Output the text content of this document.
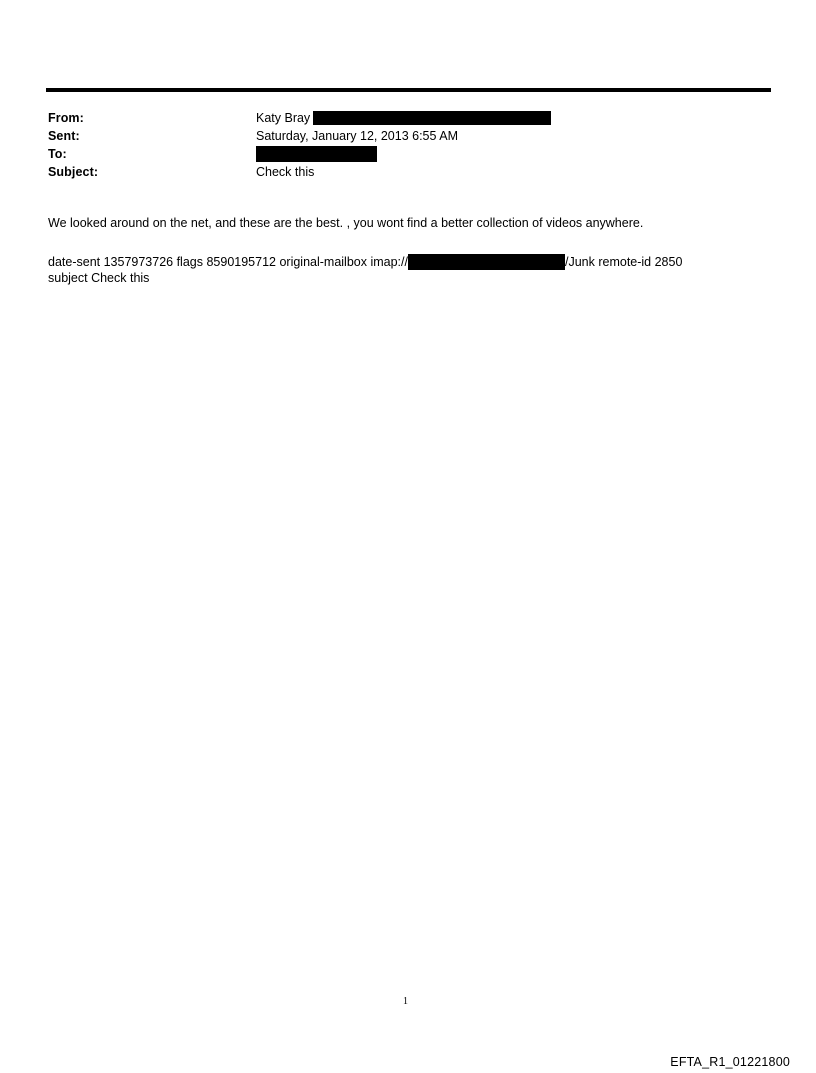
From:	Katy Bray
Sent:	Saturday, January 12, 2013 6:55 AM
To:
Subject:	Check this
We looked around on the net, and these are the best. , you wont find a better collection of videos anywhere.
date-sent 1357973726 flags 8590195712 original-mailbox imap://	/Junk remote-id 2850
subject Check this
1
EFTA_R1_01221800
